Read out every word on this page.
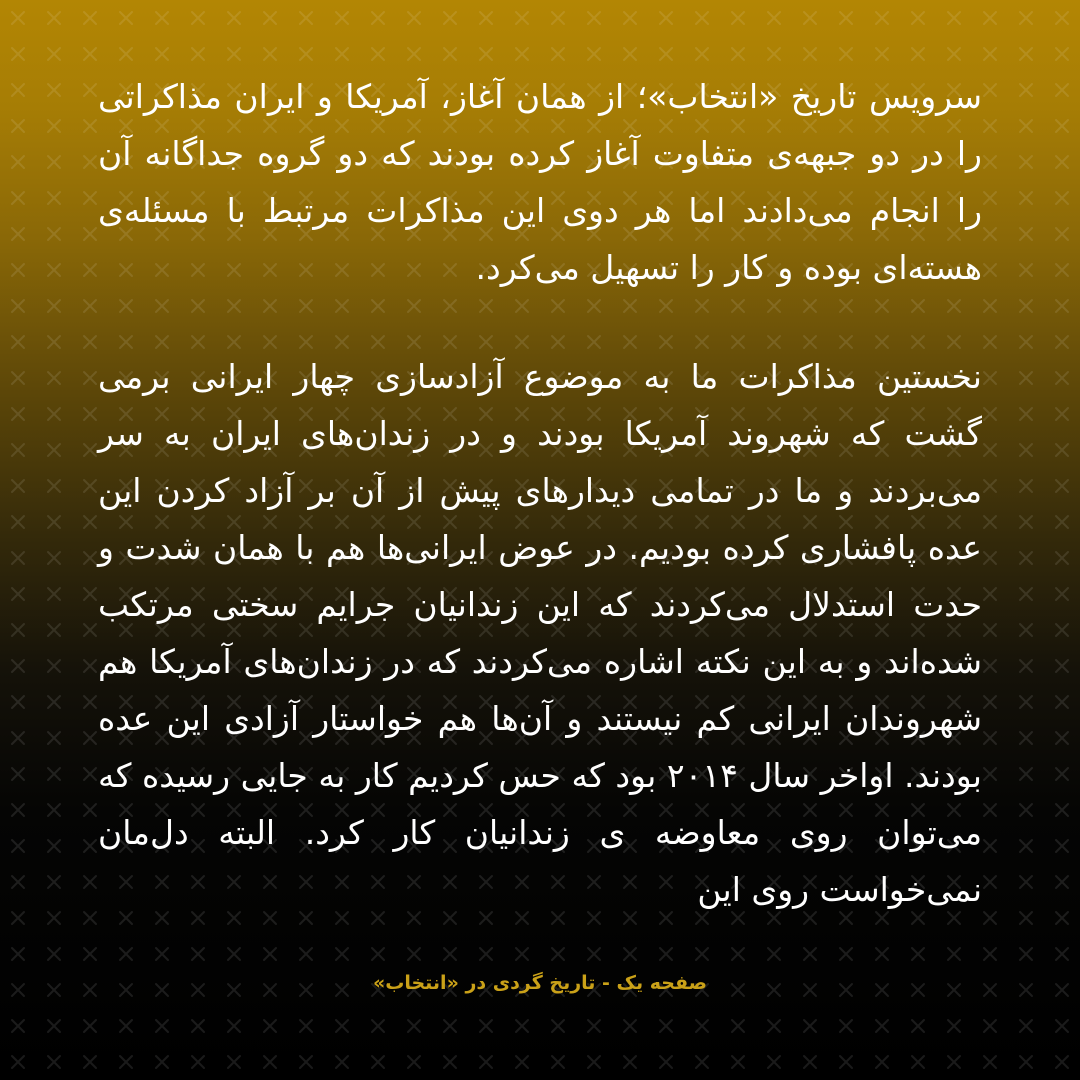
سرویس تاریخ «انتخاب»؛ از همان آغاز، آمریکا و ایران مذاکراتی را در دو جبهه‌ی متفاوت آغاز کرده بودند که دو گروه جداگانه آن را انجام می‌دادند اما هر دوی این مذاکرات مرتبط با مسئله‌ی هسته‌ای بوده و کار را تسهیل می‌کرد.

نخستین مذاکرات ما به موضوع آزادسازی چهار ایرانی برمی گشت که شهروند آمریکا بودند و در زندان‌های ایران به سر می‌بردند و ما در تمامی دیدارهای پیش از آن بر آزاد کردن این عده پافشاری کرده بودیم. در عوض ایرانی‌ها هم با همان شدت و حدت استدلال می‌کردند که این زندانیان جرایم سختی مرتکب شده‌اند و به این نکته اشاره می‌کردند که در زندان‌های آمریکا هم شهروندان ایرانی کم نیستند و آن‌ها هم خواستار آزادی این عده بودند. اواخر سال ۲۰۱۴ بود که حس کردیم کار به جایی رسیده که می‌توان روی معاوضه ی زندانیان کار کرد. البته دل‌مان نمی‌خواست روی این

صفحه یک - تاریخ گردی در «انتخاب»
